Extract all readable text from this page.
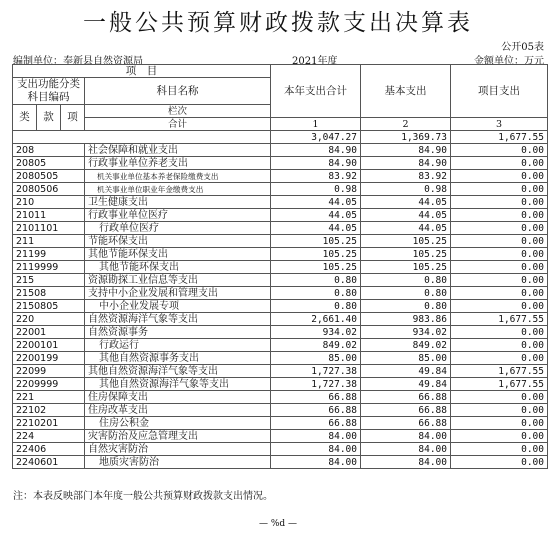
一般公共预算财政拨款支出决算表
公开05表
编制单位：奉新县自然资源局	2021年度	金额单位：万元
项　目				本年支出合计	基本支出	项目支出
支出功能分类科目编码			科目名称			

类	款	项	栏次			
			合计	1	2	3
				3,047.27	1,369.73	1,677.55
208			社会保障和就业支出	84.90	84.90	0.00
20805			行政事业单位养老支出	84.90	84.90	0.00
2080505			机关事业单位基本养老保险缴费支出	83.92	83.92	0.00
2080506			机关事业单位职业年金缴费支出	0.98	0.98	0.00
210			卫生健康支出	44.05	44.05	0.00
21011			行政事业单位医疗	44.05	44.05	0.00
2101101			行政单位医疗	44.05	44.05	0.00
211			节能环保支出	105.25	105.25	0.00
21199			其他节能环保支出	105.25	105.25	0.00
2119999			其他节能环保支出	105.25	105.25	0.00
215			资源勘探工业信息等支出	0.80	0.80	0.00
21508			支持中小企业发展和管理支出	0.80	0.80	0.00
2150805			中小企业发展专项	0.80	0.80	0.00
220			自然资源海洋气象等支出	2,661.40	983.86	1,677.55
22001			自然资源事务	934.02	934.02	0.00
2200101			行政运行	849.02	849.02	0.00
2200199			其他自然资源事务支出	85.00	85.00	0.00
22099			其他自然资源海洋气象等支出	1,727.38	49.84	1,677.55
2209999			其他自然资源海洋气象等支出	1,727.38	49.84	1,677.55
221			住房保障支出	66.88	66.88	0.00
22102			住房改革支出	66.88	66.88	0.00
2210201			住房公积金	66.88	66.88	0.00
224			灾害防治及应急管理支出	84.00	84.00	0.00
22406			自然灾害防治	84.00	84.00	0.00
2240601			地质灾害防治	84.00	84.00	0.00
注：本表反映部门本年度一般公共预算财政拨款支出情况。
— %d —
